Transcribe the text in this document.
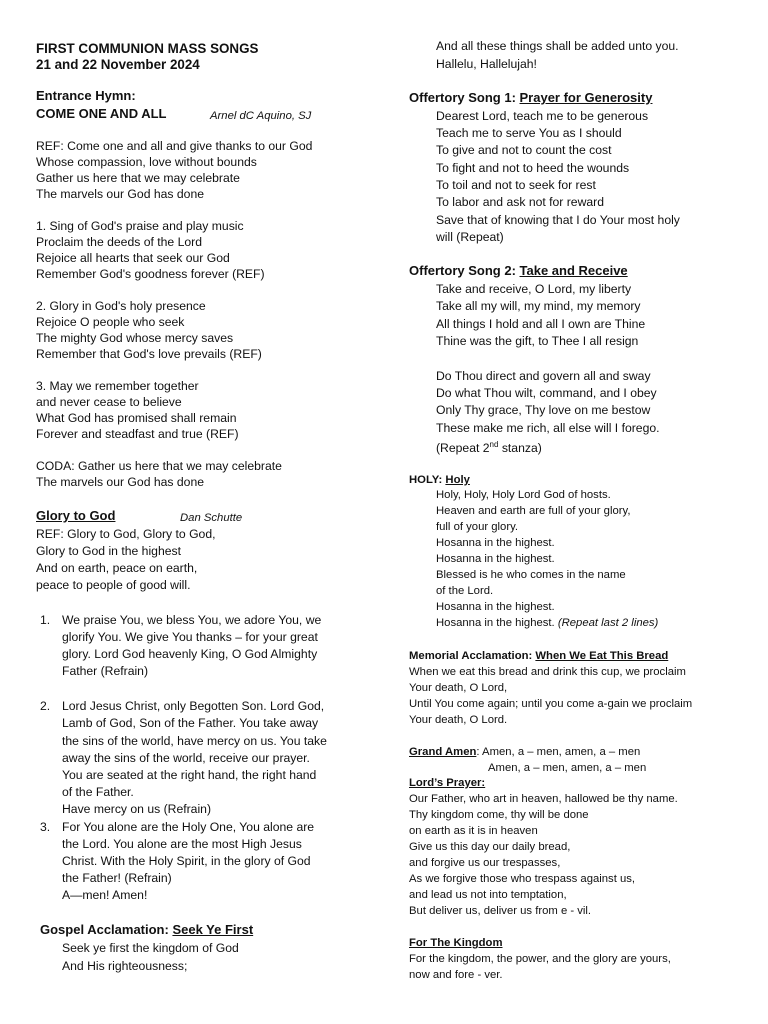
FIRST COMMUNION MASS SONGS
21 and 22 November 2024
Entrance Hymn:
COME ONE AND ALL	Arnel dC Aquino, SJ
REF: Come one and all and give thanks to our God
Whose compassion, love without bounds
Gather us here that we may celebrate
The marvels our God has done
1. Sing of God's praise and play music
Proclaim the deeds of the Lord
Rejoice all hearts that seek our God
Remember God's goodness forever (REF)
2. Glory in God's holy presence
Rejoice O people who seek
The mighty God whose mercy saves
Remember that God's love prevails (REF)
3. May we remember together
and never cease to believe
What God has promised shall remain
Forever and steadfast and true (REF)
CODA: Gather us here that we may celebrate
The marvels our God has done
Glory to God	Dan Schutte
REF: Glory to God, Glory to God,
Glory to God in the highest
And on earth, peace on earth,
peace to people of good will.
1. We praise You, we bless You, we adore You, we
glorify You. We give You thanks – for your great
glory. Lord God heavenly King, O God Almighty
Father (Refrain)
2. Lord Jesus Christ, only Begotten Son. Lord God,
Lamb of God, Son of the Father. You take away
the sins of the world, have mercy on us. You take
away the sins of the world, receive our prayer.
You are seated at the right hand, the right hand
of the Father.
Have mercy on us (Refrain)
3. For You alone are the Holy One, You alone are
the Lord. You alone are the most High Jesus
Christ. With the Holy Spirit, in the glory of God
the Father! (Refrain)
A—men! Amen!
Gospel Acclamation: Seek Ye First
Seek ye first the kingdom of God
And His righteousness;
And all these things shall be added unto you.
Hallelu, Hallelujah!
Offertory Song 1: Prayer for Generosity
Dearest Lord, teach me to be generous
Teach me to serve You as I should
To give and not to count the cost
To fight and not to heed the wounds
To toil and not to seek for rest
To labor and ask not for reward
Save that of knowing that I do Your most holy
will (Repeat)
Offertory Song 2: Take and Receive
Take and receive, O Lord, my liberty
Take all my will, my mind, my memory
All things I hold and all I own are Thine
Thine was the gift, to Thee I all resign
Do Thou direct and govern all and sway
Do what Thou wilt, command, and I obey
Only Thy grace, Thy love on me bestow
These make me rich, all else will I forego.
(Repeat 2nd stanza)
HOLY: Holy
Holy, Holy, Holy Lord God of hosts.
Heaven and earth are full of your glory,
full of your glory.
Hosanna in the highest.
Hosanna in the highest.
Blessed is he who comes in the name
of the Lord.
Hosanna in the highest.
Hosanna in the highest. (Repeat last 2 lines)
Memorial Acclamation: When We Eat This Bread
When we eat this bread and drink this cup, we proclaim
Your death, O Lord,
Until You come again; until you come a-gain we proclaim
Your death, O Lord.
Grand Amen: Amen, a – men, amen, a – men
Amen, a – men, amen, a – men
Lord’s Prayer:
Our Father, who art in heaven, hallowed be thy name.
Thy kingdom come, thy will be done
on earth as it is in heaven
Give us this day our daily bread,
and forgive us our trespasses,
As we forgive those who trespass against us,
and lead us not into temptation,
But deliver us, deliver us from e - vil.
For The Kingdom
For the kingdom, the power, and the glory are yours,
now and fore - ver.
